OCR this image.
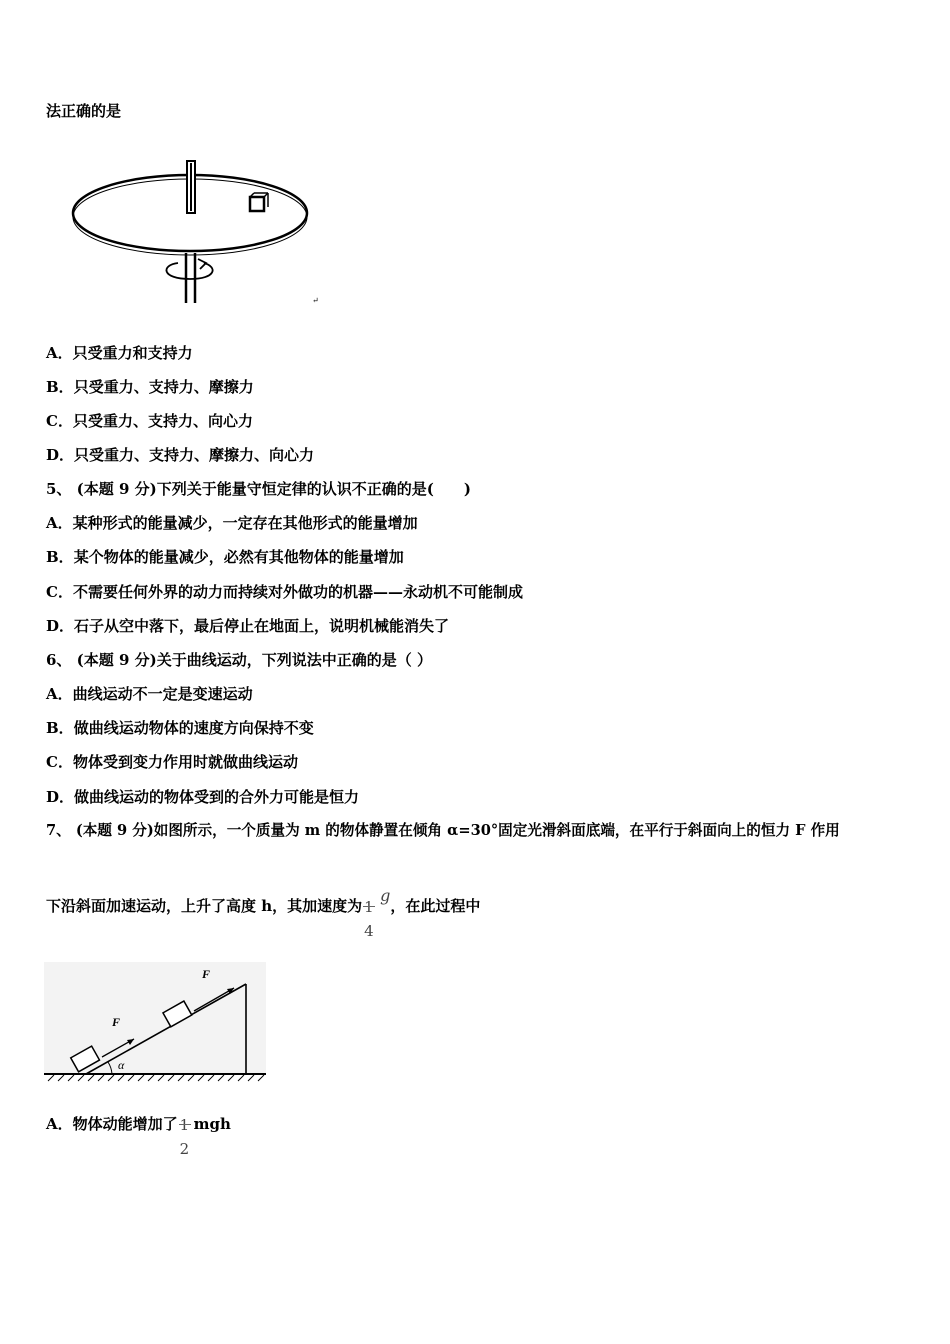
法正确的是
↵
A．只受重力和支持力
B．只受重力、支持力、摩擦力
C．只受重力、支持力、向心力
D．只受重力、支持力、摩擦力、向心力
5、 (本题 9 分)下列关于能量守恒定律的认识不正确的是(　　)
A．某种形式的能量减少，一定存在其他形式的能量增加
B．某个物体的能量减少，必然有其他物体的能量增加
C．不需要任何外界的动力而持续对外做功的机器——永动机不可能制成
D．石子从空中落下，最后停止在地面上，说明机械能消失了
6、 (本题 9 分)关于曲线运动，下列说法中正确的是（ ）
A．曲线运动不一定是变速运动
B．做曲线运动物体的速度方向保持不变
C．物体受到变力作用时就做曲线运动
D．做曲线运动的物体受到的合外力可能是恒力
7、 (本题 9 分)如图所示，一个质量为 m 的物体静置在倾角 α=30°固定光滑斜面底端，在平行于斜面向上的恒力 F 作用
下沿斜面加速运动，上升了高度 h，其加速度为 1
4
g，在此过程中
F
F
α
A．物体动能增加了 1
2
mgh
